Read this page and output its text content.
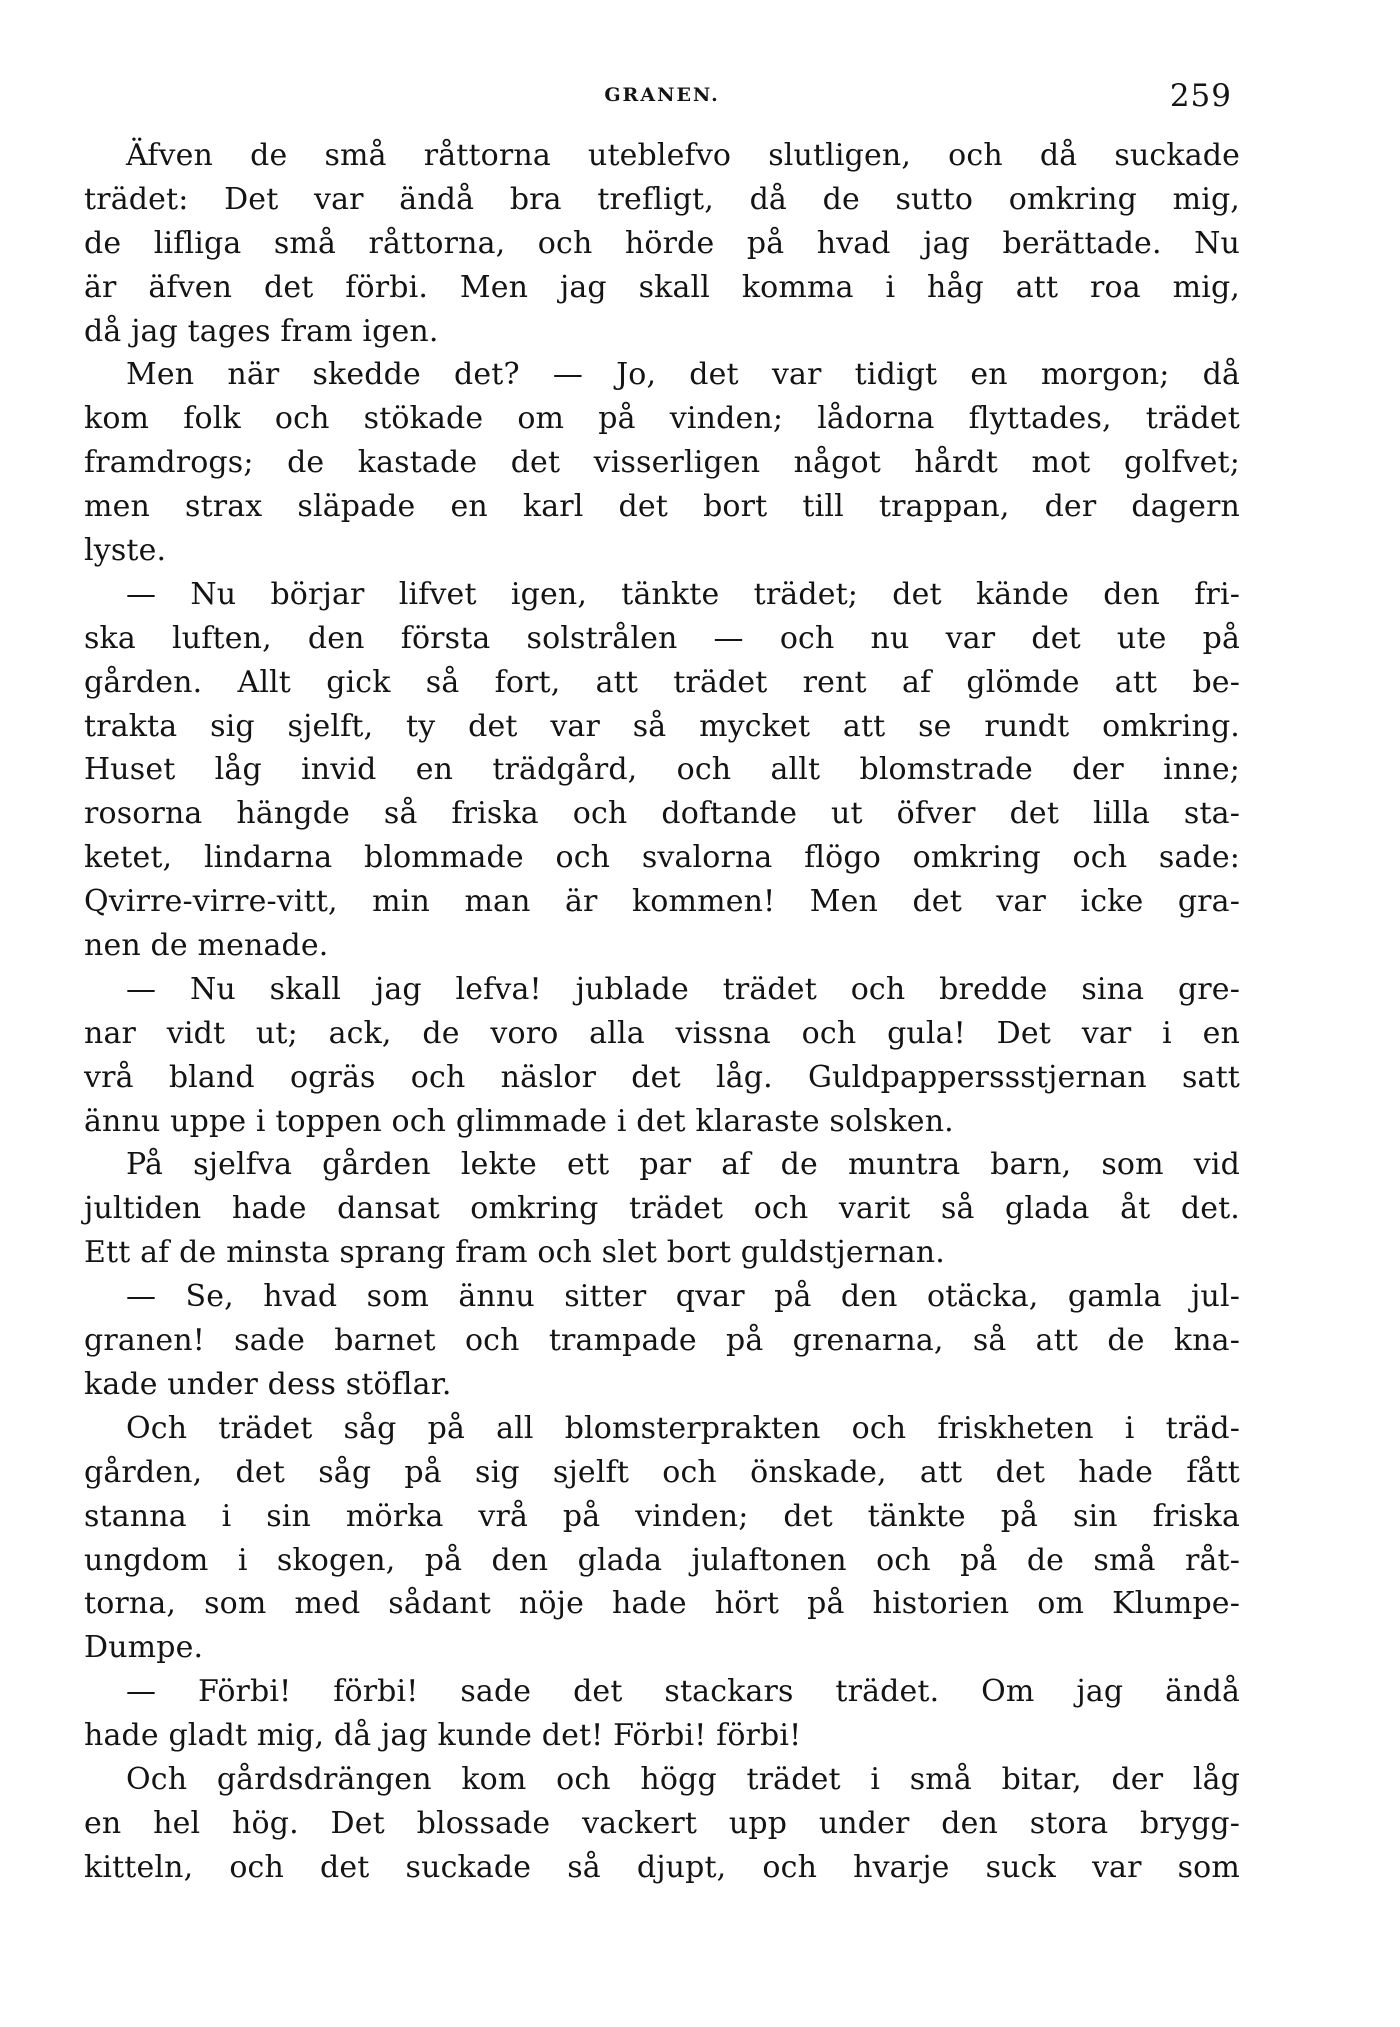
GRANEN.	259
Äfven de små råttorna uteblefvo slutligen, och då suckade
trädet: Det var ändå bra trefligt, då de sutto omkring mig,
de lifliga små råttorna, och hörde på hvad jag berättade. Nu
är äfven det förbi. Men jag skall komma i håg att roa mig,
då jag tages fram igen.
Men när skedde det? — Jo, det var tidigt en morgon; då
kom folk och stökade om på vinden; lådorna flyttades, trädet
framdrogs; de kastade det visserligen något hårdt mot golfvet;
men strax släpade en karl det bort till trappan, der dagern
lyste.
— Nu börjar lifvet igen, tänkte trädet; det kände den fri-
ska luften, den första solstrålen — och nu var det ute på
gården. Allt gick så fort, att trädet rent af glömde att be-
trakta sig sjelft, ty det var så mycket att se rundt omkring.
Huset låg invid en trädgård, och allt blomstrade der inne;
rosorna hängde så friska och doftande ut öfver det lilla sta-
ketet, lindarna blommade och svalorna flögo omkring och sade:
Qvirre-virre-vitt, min man är kommen! Men det var icke gra-
nen de menade.
— Nu skall jag lefva! jublade trädet och bredde sina gre-
nar vidt ut; ack, de voro alla vissna och gula! Det var i en
vrå bland ogräs och näslor det låg. Guldpapperssstjernan satt
ännu uppe i toppen och glimmade i det klaraste solsken.
På sjelfva gården lekte ett par af de muntra barn, som vid
jultiden hade dansat omkring trädet och varit så glada åt det.
Ett af de minsta sprang fram och slet bort guldstjernan.
— Se, hvad som ännu sitter qvar på den otäcka, gamla jul-
granen! sade barnet och trampade på grenarna, så att de kna-
kade under dess stöflar.
Och trädet såg på all blomsterprakten och friskheten i träd-
gården, det såg på sig sjelft och önskade, att det hade fått
stanna i sin mörka vrå på vinden; det tänkte på sin friska
ungdom i skogen, på den glada julaftonen och på de små råt-
torna, som med sådant nöje hade hört på historien om Klumpe-
Dumpe.
— Förbi! förbi! sade det stackars trädet. Om jag ändå
hade gladt mig, då jag kunde det! Förbi! förbi!
Och gårdsdrängen kom och högg trädet i små bitar, der låg
en hel hög. Det blossade vackert upp under den stora brygg-
kitteln, och det suckade så djupt, och hvarje suck var som
